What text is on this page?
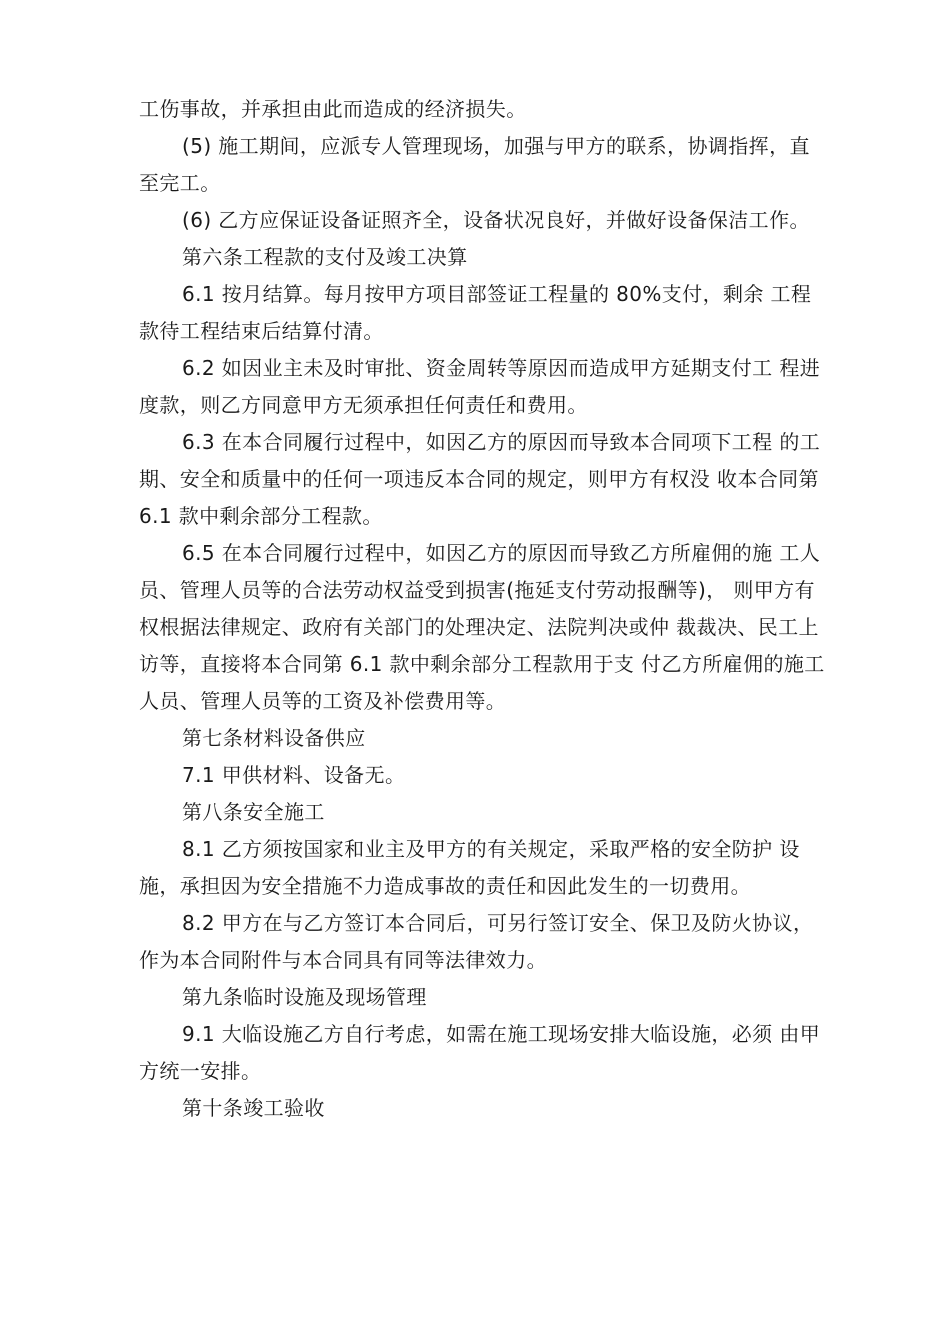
工伤事故，并承担由此而造成的经济损失。

(5) 施工期间，应派专人管理现场，加强与甲方的联系，协调指挥，直至完工。

(6) 乙方应保证设备证照齐全，设备状况良好，并做好设备保洁工作。

第六条工程款的支付及竣工决算

6.1 按月结算。每月按甲方项目部签证工程量的 80%支付，剩余 工程款待工程结束后结算付清。

6.2 如因业主未及时审批、资金周转等原因而造成甲方延期支付工 程进度款，则乙方同意甲方无须承担任何责任和费用。

6.3 在本合同履行过程中，如因乙方的原因而导致本合同项下工程 的工期、安全和质量中的任何一项违反本合同的规定，则甲方有权没 收本合同第 6.1 款中剩余部分工程款。

6.5 在本合同履行过程中，如因乙方的原因而导致乙方所雇佣的施 工人员、管理人员等的合法劳动权益受到损害(拖延支付劳动报酬等)， 则甲方有权根据法律规定、政府有关部门的处理决定、法院判决或仲 裁裁决、民工上访等，直接将本合同第 6.1 款中剩余部分工程款用于支 付乙方所雇佣的施工人员、管理人员等的工资及补偿费用等。

第七条材料设备供应

7.1 甲供材料、设备无。

第八条安全施工

8.1 乙方须按国家和业主及甲方的有关规定，采取严格的安全防护 设施，承担因为安全措施不力造成事故的责任和因此发生的一切费用。

8.2 甲方在与乙方签订本合同后，可另行签订安全、保卫及防火协议，作为本合同附件与本合同具有同等法律效力。

第九条临时设施及现场管理

9.1 大临设施乙方自行考虑，如需在施工现场安排大临设施，必须 由甲方统一安排。

第十条竣工验收
